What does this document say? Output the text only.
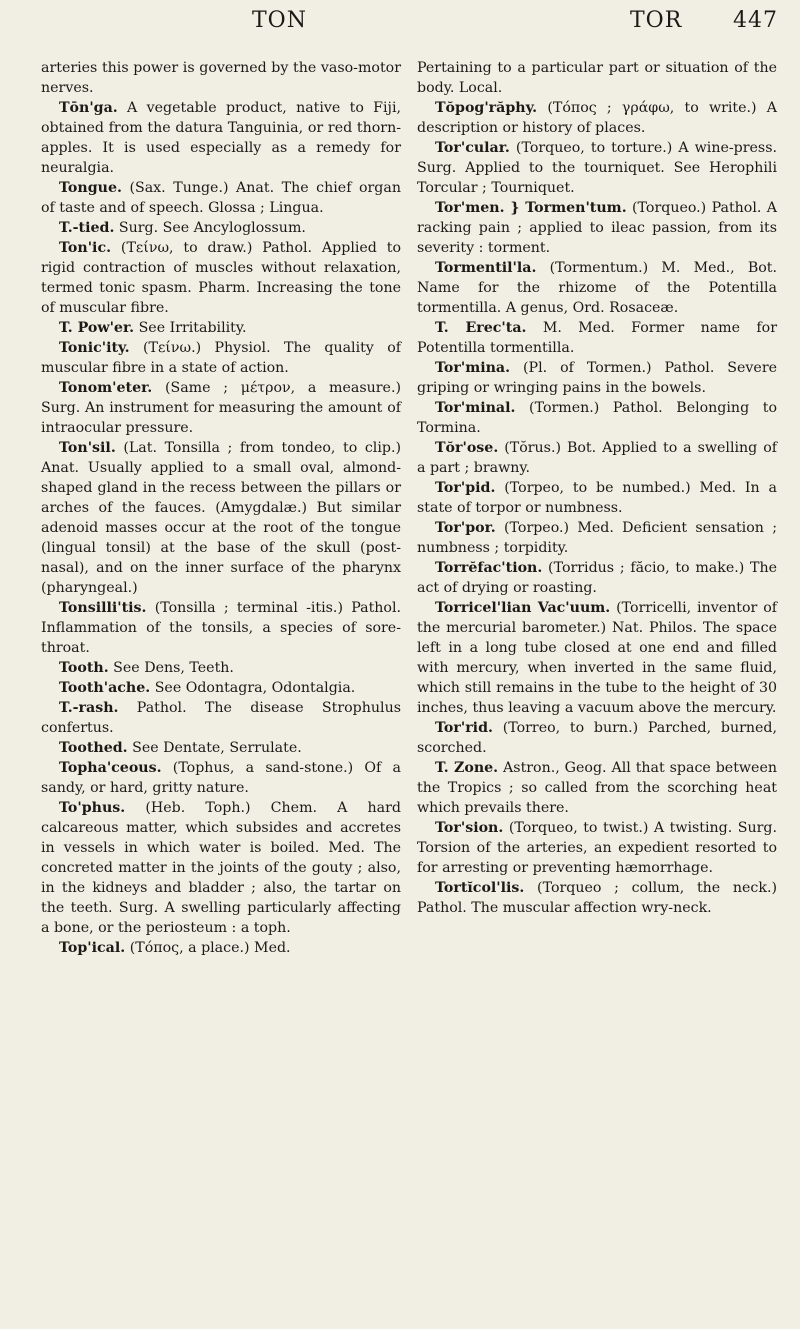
TON	TOR 447

arteries this power is governed by the vaso-motor nerves.

Tōn'ga. A vegetable product, native to Fiji, obtained from the datura Tanguinia, or red thorn-apples. It is used especially as a remedy for neuralgia.

Tongue. (Sax. Tunge.) Anat. The chief organ of taste and of speech. Glossa ; Lingua.

T.-tied. Surg. See Ancyloglossum.

Ton'ic. (Τείνω, to draw.) Pathol. Applied to rigid contraction of muscles without relaxation, termed tonic spasm. Pharm. Increasing the tone of muscular fibre.

T. Pow'er. See Irritability.

Tonic'ity. (Τείνω.) Physiol. The quality of muscular fibre in a state of action.

Tonom'eter. (Same ; μέτρον, a measure.) Surg. An instrument for measuring the amount of intraocular pressure.

Ton'sil. (Lat. Tonsilla ; from tondeo, to clip.) Anat. Usually applied to a small oval, almond-shaped gland in the recess between the pillars or arches of the fauces. (Amygdalæ.) But similar adenoid masses occur at the root of the tongue (lingual tonsil) at the base of the skull (post-nasal), and on the inner surface of the pharynx (pharyngeal.)

Tonsilli'tis. (Tonsilla ; terminal -itis.) Pathol. Inflammation of the tonsils, a species of sore-throat.

Tooth. See Dens, Teeth.

Tooth'ache. See Odontagra, Odontalgia.

T.-rash. Pathol. The disease Strophulus confertus.

Toothed. See Dentate, Serrulate.

Topha'ceous. (Tophus, a sand-stone.) Of a sandy, or hard, gritty nature.

To'phus. (Heb. Toph.) Chem. A hard calcareous matter, which subsides and accretes in vessels in which water is boiled. Med. The concreted matter in the joints of the gouty ; also, in the kidneys and bladder ; also, the tartar on the teeth. Surg. A swelling particularly affecting a bone, or the periosteum : a toph.

Top'ical. (Τόπος, a place.) Med.

Pertaining to a particular part or situation of the body. Local.

Tŏpog'răphy. (Τόπος ; γράφω, to write.) A description or history of places.

Tor'cular. (Torqueo, to torture.) A wine-press. Surg. Applied to the tourniquet. See Herophili Torcular ; Tourniquet.

Tor'men. } Tormen'tum. (Torqueo.) Pathol. A racking pain ; applied to ileac passion, from its severity : torment.

Tormentil'la. (Tormentum.) M. Med., Bot. Name for the rhizome of the Potentilla tormentilla. A genus, Ord. Rosaceæ.

T. Erec'ta. M. Med. Former name for Potentilla tormentilla.

Tor'mina. (Pl. of Tormen.) Pathol. Severe griping or wringing pains in the bowels.

Tor'minal. (Tormen.) Pathol. Belonging to Tormina.

Tŏr'ose. (Tŏrus.) Bot. Applied to a swelling of a part ; brawny.

Tor'pid. (Torpeo, to be numbed.) Med. In a state of torpor or numbness.

Tor'por. (Torpeo.) Med. Deficient sensation ; numbness ; torpidity.

Torrĕfac'tion. (Torridus ; făcio, to make.) The act of drying or roasting.

Torricel'lian Vac'uum. (Torricelli, inventor of the mercurial barometer.) Nat. Philos. The space left in a long tube closed at one end and filled with mercury, when inverted in the same fluid, which still remains in the tube to the height of 30 inches, thus leaving a vacuum above the mercury.

Tor'rid. (Torreo, to burn.) Parched, burned, scorched.

T. Zone. Astron., Geog. All that space between the Tropics ; so called from the scorching heat which prevails there.

Tor'sion. (Torqueo, to twist.) A twisting. Surg. Torsion of the arteries, an expedient resorted to for arresting or preventing hæmorrhage.

Tortĭcol'lis. (Torqueo ; collum, the neck.) Pathol. The muscular affection wry-neck.
